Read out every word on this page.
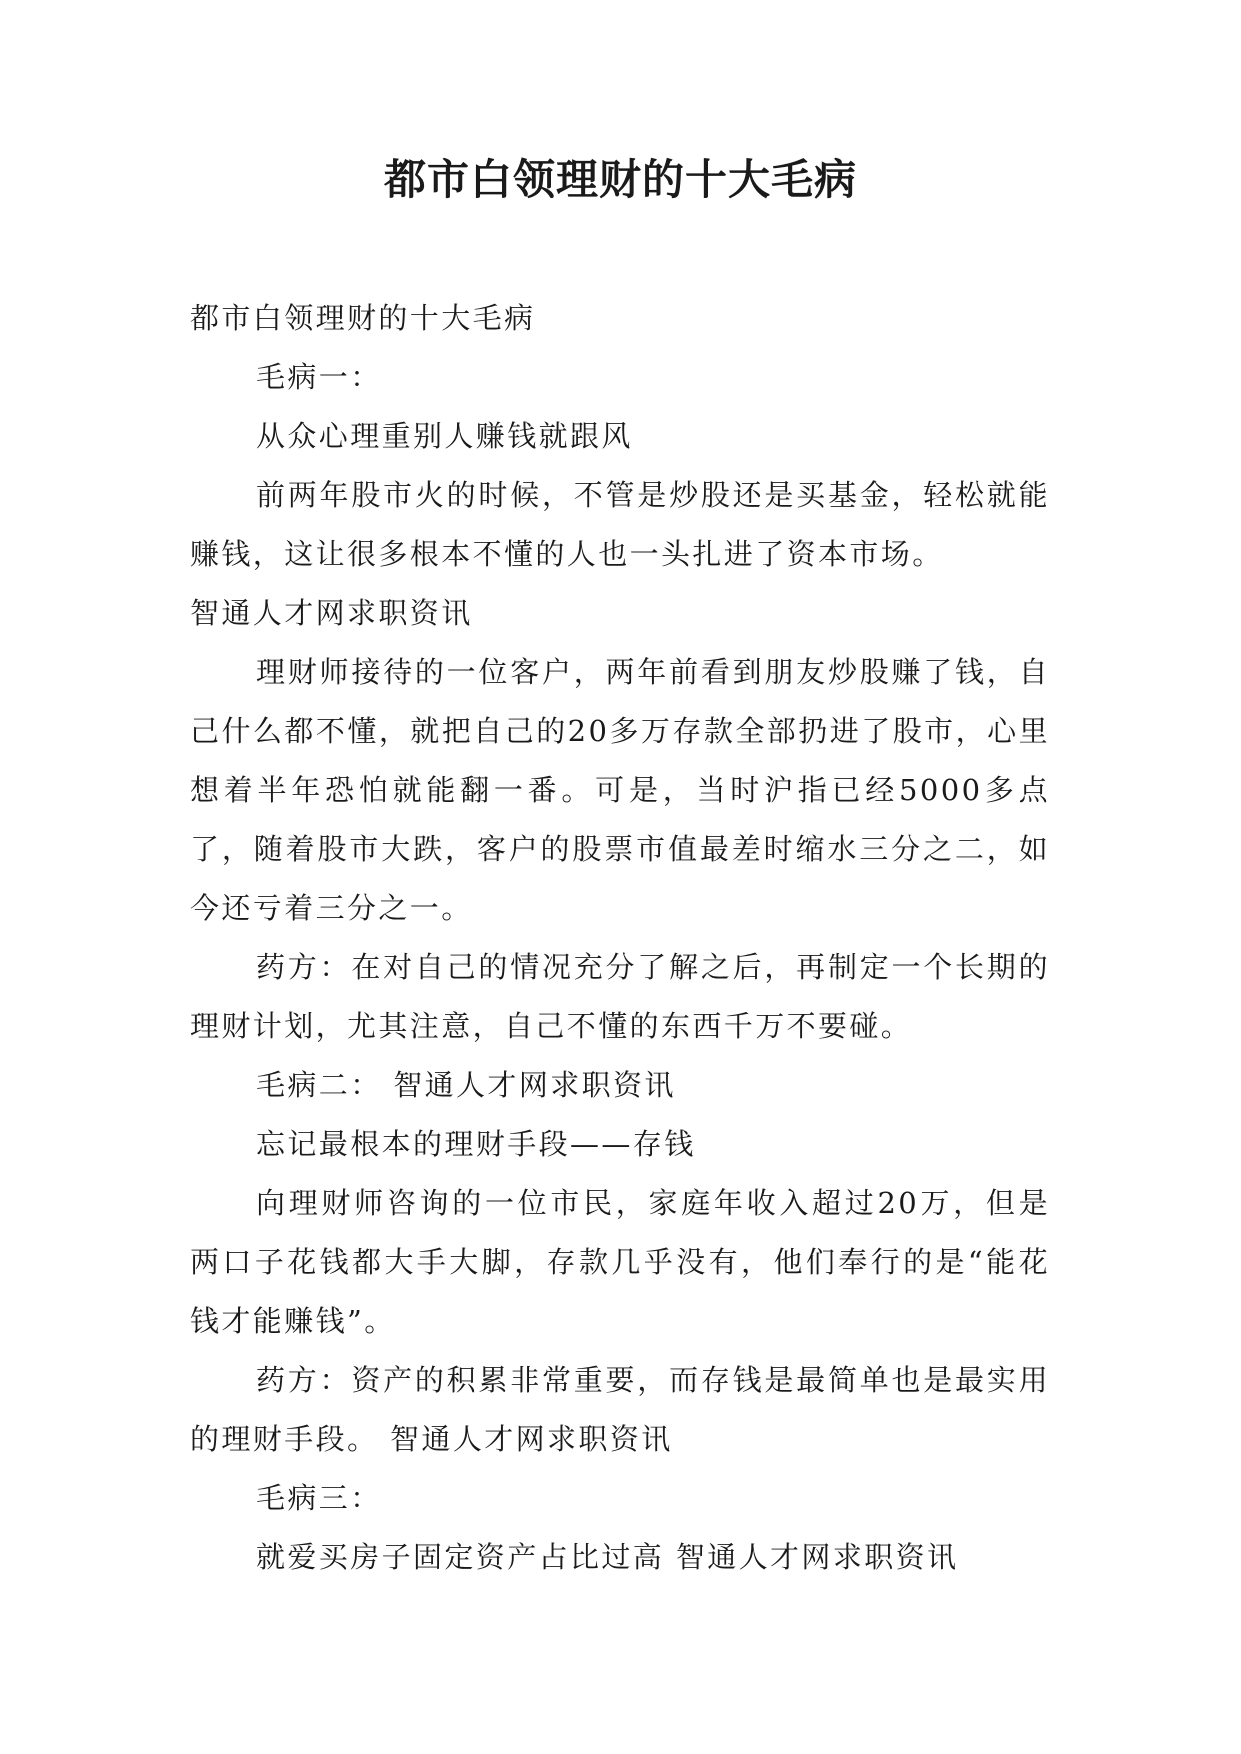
都市白领理财的十大毛病

都市白领理财的十大毛病

毛病一：

从众心理重别人赚钱就跟风

前两年股市火的时候，不管是炒股还是买基金，轻松就能赚钱，这让很多根本不懂的人也一头扎进了资本市场。

智通人才网求职资讯

理财师接待的一位客户，两年前看到朋友炒股赚了钱，自己什么都不懂，就把自己的20多万存款全部扔进了股市，心里想着半年恐怕就能翻一番。可是，当时沪指已经5000多点了，随着股市大跌，客户的股票市值最差时缩水三分之二，如今还亏着三分之一。

药方：在对自己的情况充分了解之后，再制定一个长期的理财计划，尤其注意，自己不懂的东西千万不要碰。

毛病二： 智通人才网求职资讯

忘记最根本的理财手段——存钱

向理财师咨询的一位市民，家庭年收入超过20万，但是两口子花钱都大手大脚，存款几乎没有，他们奉行的是“能花钱才能赚钱”。

药方：资产的积累非常重要，而存钱是最简单也是最实用的理财手段。 智通人才网求职资讯

毛病三：

就爱买房子固定资产占比过高 智通人才网求职资讯
